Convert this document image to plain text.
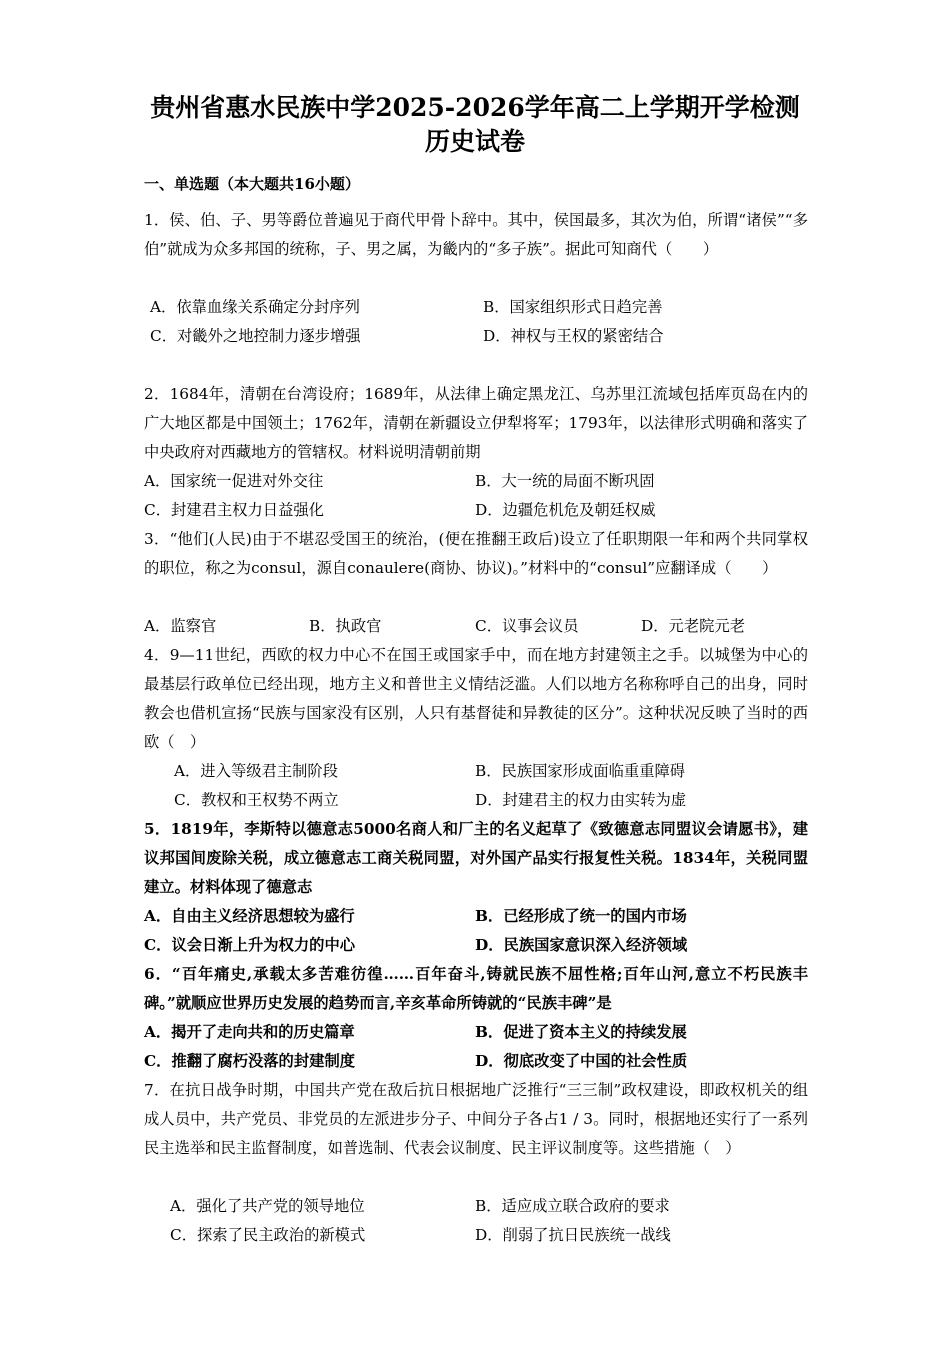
贵州省惠水民族中学2025-2026学年高二上学期开学检测
历史试卷
一、单选题（本大题共16小题）
1．侯、伯、子、男等爵位普遍见于商代甲骨卜辞中。其中，侯国最多，其次为伯，所谓“诸侯”“多伯”就成为众多邦国的统称，子、男之属，为畿内的“多子族”。据此可知商代（　　）
A．依靠血缘关系确定分封序列	B．国家组织形式日趋完善
C．对畿外之地控制力逐步增强	D．神权与王权的紧密结合
2．1684年，清朝在台湾设府；1689年，从法律上确定黑龙江、乌苏里江流域包括库页岛在内的广大地区都是中国领土；1762年，清朝在新疆设立伊犁将军；1793年，以法律形式明确和落实了中央政府对西藏地方的管辖权。材料说明清朝前期
A．国家统一促进对外交往	B．大一统的局面不断巩固
C．封建君主权力日益强化	D．边疆危机危及朝廷权威
3．“他们(人民)由于不堪忍受国王的统治，(便在推翻王政后)设立了任职期限一年和两个共同掌权的职位，称之为consul，源自conaulere(商协、协议)。”材料中的“consul”应翻译成（　　）
A．监察官	B．执政官	C．议事会议员	D．元老院元老
4．9—11世纪，西欧的权力中心不在国王或国家手中，而在地方封建领主之手。以城堡为中心的最基层行政单位已经出现，地方主义和普世主义情结泛滥。人们以地方名称称呼自己的出身，同时教会也借机宣扬“民族与国家没有区别，人只有基督徒和异教徒的区分”。这种状况反映了当时的西欧（　）
A．进入等级君主制阶段	B．民族国家形成面临重重障碍
C．教权和王权势不两立	D．封建君主的权力由实转为虚
5．1819年，李斯特以德意志5000名商人和厂主的名义起草了《致德意志同盟议会请愿书》，建议邦国间废除关税，成立德意志工商关税同盟，对外国产品实行报复性关税。1834年，关税同盟建立。材料体现了德意志
A．自由主义经济思想较为盛行	B．已经形成了统一的国内市场
C．议会日渐上升为权力的中心	D．民族国家意识深入经济领域
6．“百年痛史,承载太多苦难彷徨……百年奋斗,铸就民族不屈性格;百年山河,意立不朽民族丰碑。”就顺应世界历史发展的趋势而言,辛亥革命所铸就的“民族丰碑”是
A．揭开了走向共和的历史篇章	B．促进了资本主义的持续发展
C．推翻了腐朽没落的封建制度	D．彻底改变了中国的社会性质
7．在抗日战争时期，中国共产党在敌后抗日根据地广泛推行“三三制”政权建设，即政权机关的组成人员中，共产党员、非党员的左派进步分子、中间分子各占1 / 3。同时，根据地还实行了一系列民主选举和民主监督制度，如普选制、代表会议制度、民主评议制度等。这些措施（　）
A．强化了共产党的领导地位	B．适应成立联合政府的要求
C．探索了民主政治的新模式	D．削弱了抗日民族统一战线
